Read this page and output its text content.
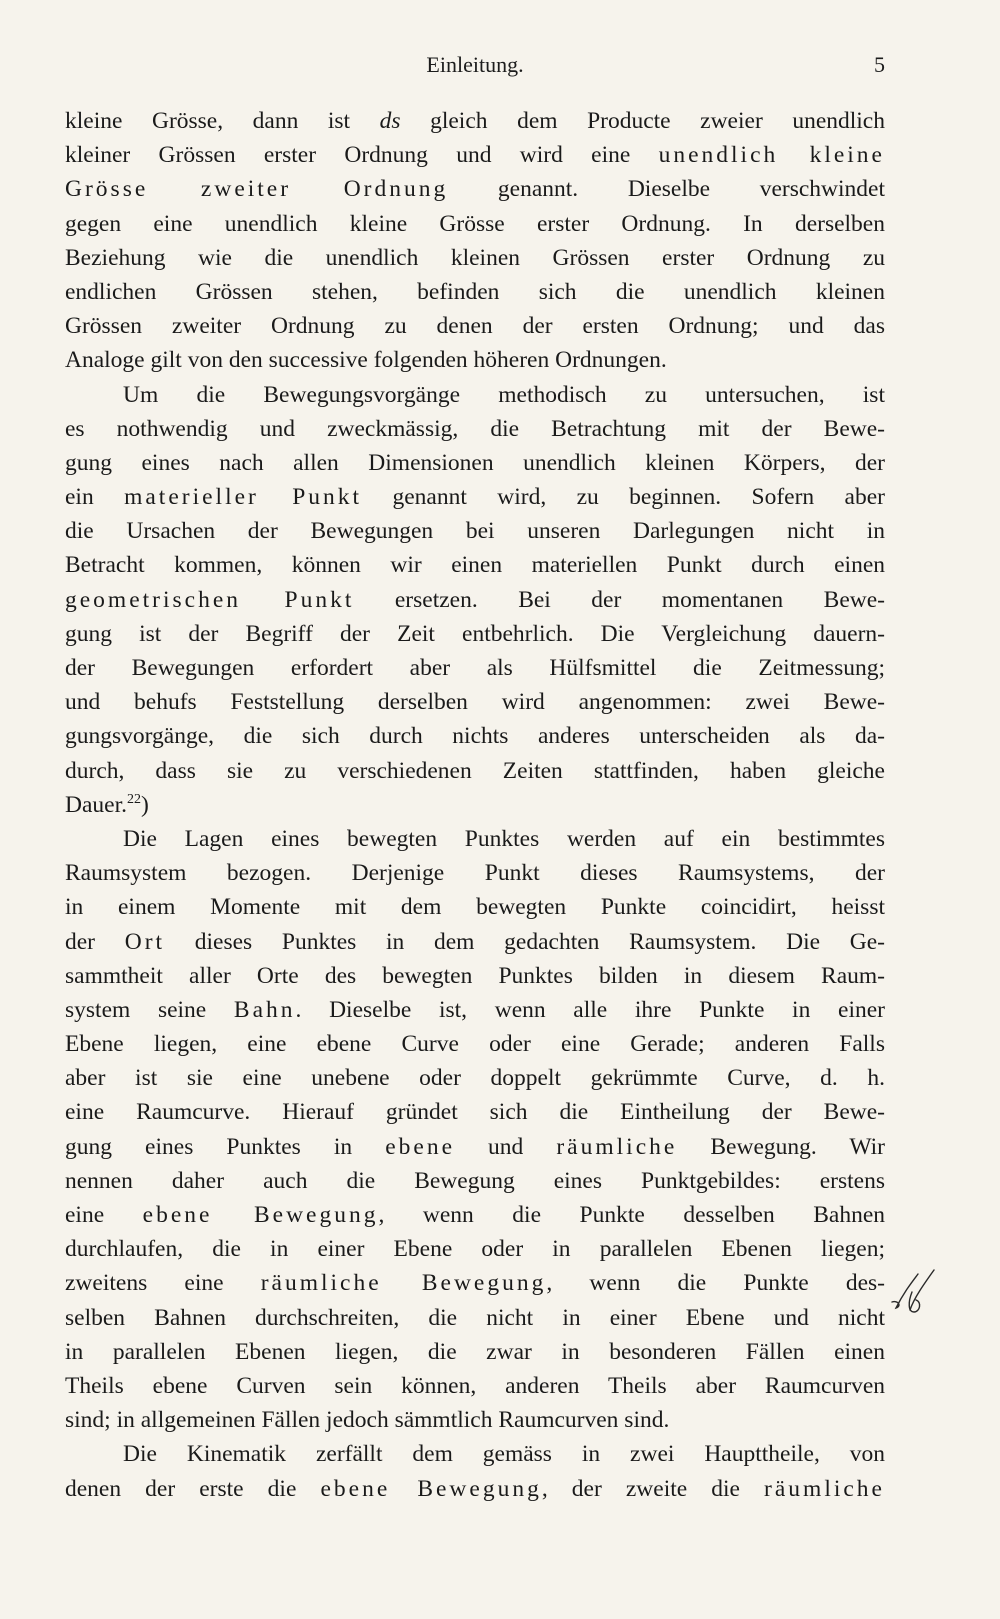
Einleitung.	5
kleine Grösse, dann ist ds gleich dem Producte zweier unendlich
kleiner Grössen erster Ordnung und wird eine unendlich kleine
Grösse zweiter Ordnung genannt. Dieselbe verschwindet
gegen eine unendlich kleine Grösse erster Ordnung. In derselben
Beziehung wie die unendlich kleinen Grössen erster Ordnung zu
endlichen Grössen stehen, befinden sich die unendlich kleinen
Grössen zweiter Ordnung zu denen der ersten Ordnung; und das
Analoge gilt von den successive folgenden höheren Ordnungen.
Um die Bewegungsvorgänge methodisch zu untersuchen, ist
es nothwendig und zweckmässig, die Betrachtung mit der Bewe-
gung eines nach allen Dimensionen unendlich kleinen Körpers, der
ein materieller Punkt genannt wird, zu beginnen. Sofern aber
die Ursachen der Bewegungen bei unseren Darlegungen nicht in
Betracht kommen, können wir einen materiellen Punkt durch einen
geometrischen Punkt ersetzen. Bei der momentanen Bewe-
gung ist der Begriff der Zeit entbehrlich. Die Vergleichung dauern-
der Bewegungen erfordert aber als Hülfsmittel die Zeitmessung;
und behufs Feststellung derselben wird angenommen: zwei Bewe-
gungsvorgänge, die sich durch nichts anderes unterscheiden als da-
durch, dass sie zu verschiedenen Zeiten stattfinden, haben gleiche
Dauer.$^{22}$)
Die Lagen eines bewegten Punktes werden auf ein bestimmtes
Raumsystem bezogen. Derjenige Punkt dieses Raumsystems, der
in einem Momente mit dem bewegten Punkte coincidirt, heisst
der Ort dieses Punktes in dem gedachten Raumsystem. Die Ge-
sammtheit aller Orte des bewegten Punktes bilden in diesem Raum-
system seine Bahn. Dieselbe ist, wenn alle ihre Punkte in einer
Ebene liegen, eine ebene Curve oder eine Gerade; anderen Falls
aber ist sie eine unebene oder doppelt gekrümmte Curve, d. h.
eine Raumcurve. Hierauf gründet sich die Eintheilung der Bewe-
gung eines Punktes in ebene und räumliche Bewegung. Wir
nennen daher auch die Bewegung eines Punktgebildes: erstens
eine ebene Bewegung, wenn die Punkte desselben Bahnen
durchlaufen, die in einer Ebene oder in parallelen Ebenen liegen;
zweitens eine räumliche Bewegung, wenn die Punkte des-
selben Bahnen durchschreiten, die nicht in einer Ebene und nicht
in parallelen Ebenen liegen, die zwar in besonderen Fällen einen
Theils ebene Curven sein können, anderen Theils aber Raumcurven
sind; in allgemeinen Fällen jedoch sämmtlich Raumcurven sind.
Die Kinematik zerfällt dem gemäss in zwei Haupttheile, von
denen der erste die ebene Bewegung, der zweite die räumliche
